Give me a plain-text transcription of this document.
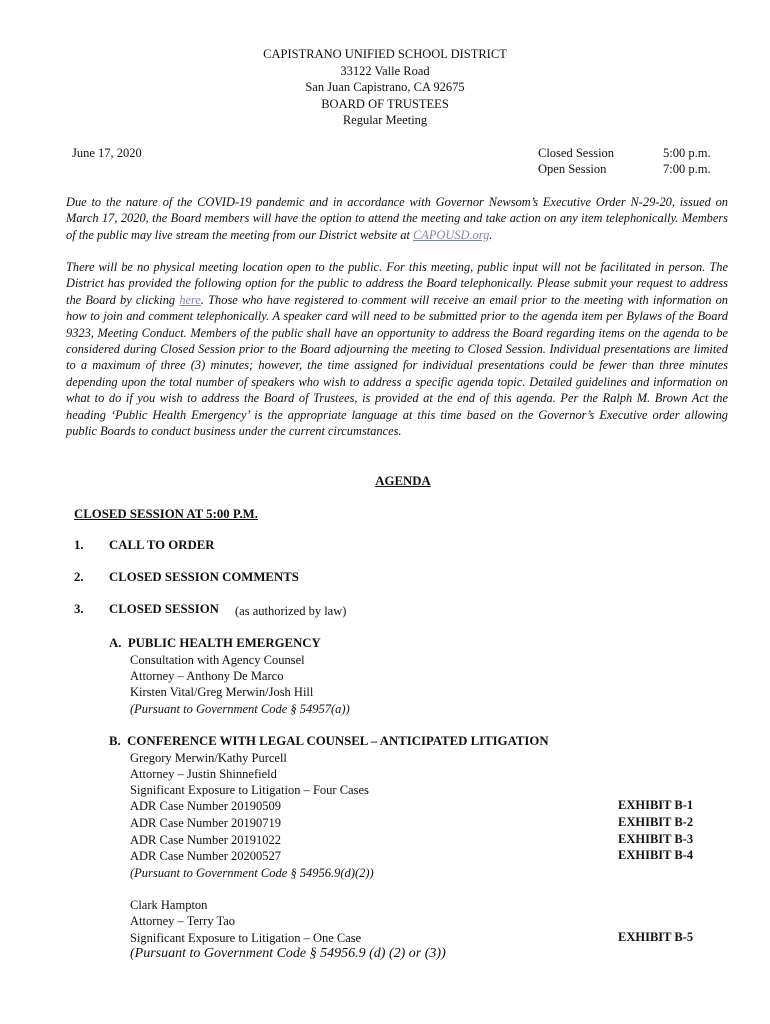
CAPISTRANO UNIFIED SCHOOL DISTRICT
33122 Valle Road
San Juan Capistrano, CA 92675
BOARD OF TRUSTEES
Regular Meeting
June 17, 2020	Closed Session	5:00 p.m.
Open Session	7:00 p.m.
Due to the nature of the COVID-19 pandemic and in accordance with Governor Newsom’s Executive Order N-29-20, issued on March 17, 2020, the Board members will have the option to attend the meeting and take action on any item telephonically. Members of the public may live stream the meeting from our District website at CAPOUSD.org.
There will be no physical meeting location open to the public. For this meeting, public input will not be facilitated in person. The District has provided the following option for the public to address the Board telephonically. Please submit your request to address the Board by clicking here. Those who have registered to comment will receive an email prior to the meeting with information on how to join and comment telephonically. A speaker card will need to be submitted prior to the agenda item per Bylaws of the Board 9323, Meeting Conduct. Members of the public shall have an opportunity to address the Board regarding items on the agenda to be considered during Closed Session prior to the Board adjourning the meeting to Closed Session. Individual presentations are limited to a maximum of three (3) minutes; however, the time assigned for individual presentations could be fewer than three minutes depending upon the total number of speakers who wish to address a specific agenda topic. Detailed guidelines and information on what to do if you wish to address the Board of Trustees, is provided at the end of this agenda. Per the Ralph M. Brown Act the heading ‘Public Health Emergency’ is the appropriate language at this time based on the Governor’s Executive order allowing public Boards to conduct business under the current circumstances.
AGENDA
CLOSED SESSION AT 5:00 P.M.
1. CALL TO ORDER
2. CLOSED SESSION COMMENTS
3. CLOSED SESSION (as authorized by law)
A. PUBLIC HEALTH EMERGENCY
Consultation with Agency Counsel
Attorney – Anthony De Marco
Kirsten Vital/Greg Merwin/Josh Hill
(Pursuant to Government Code § 54957(a))
B. CONFERENCE WITH LEGAL COUNSEL – ANTICIPATED LITIGATION
Gregory Merwin/Kathy Purcell
Attorney – Justin Shinnefield
Significant Exposure to Litigation – Four Cases
ADR Case Number 20190509	EXHIBIT B-1
ADR Case Number 20190719	EXHIBIT B-2
ADR Case Number 20191022	EXHIBIT B-3
ADR Case Number 20200527	EXHIBIT B-4
(Pursuant to Government Code § 54956.9(d)(2))
Clark Hampton
Attorney – Terry Tao
Significant Exposure to Litigation – One Case	EXHIBIT B-5
(Pursuant to Government Code § 54956.9 (d) (2) or (3))
